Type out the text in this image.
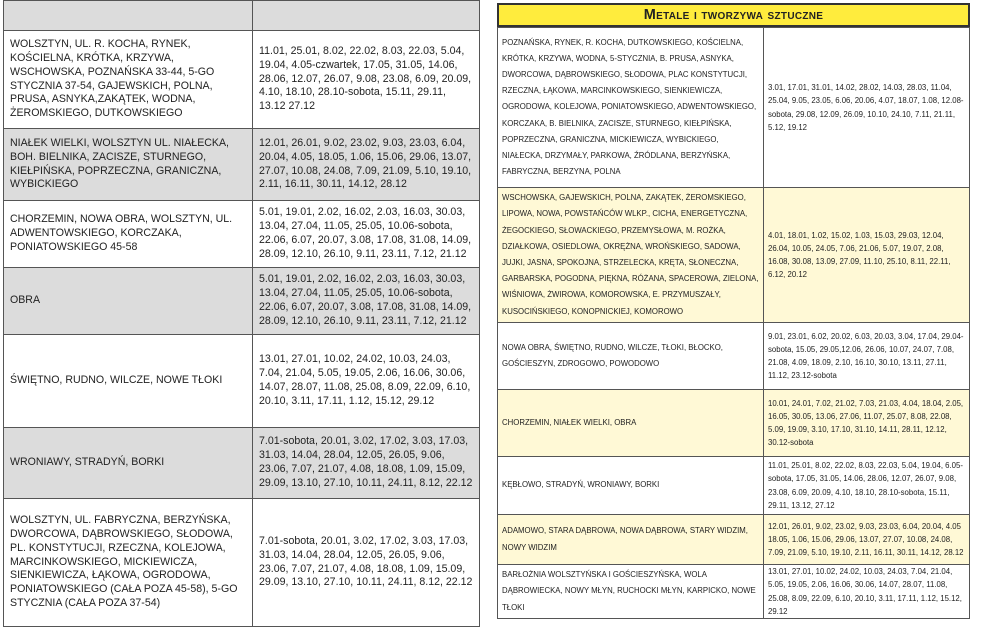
WOLSZTYN, UL. R. KOCHA, RYNEK, KOŚCIELNA, KRÓTKA, KRZYWA, WSCHOWSKA, POZNAŃSKA 33-44, 5-GO STYCZNIA 37-54, GAJEWSKICH, POLNA, PRUSA, ASNYKA,ZAKĄTEK, WODNA, ŻEROMSKIEGO, DUTKOWSKIEGO	11.01, 25.01, 8.02, 22.02, 8.03, 22.03, 5.04, 19.04, 4.05-czwartek, 17.05, 31.05, 14.06, 28.06, 12.07, 26.07, 9.08, 23.08, 6.09, 20.09, 4.10, 18.10, 28.10-sobota, 15.11, 29.11, 13.12 27.12
NIAŁEK WIELKI, WOLSZTYN UL. NIAŁECKA, BOH. BIELNIKA, ZACISZE, STURNEGO, KIEŁPIŃSKA, POPRZECZNA, GRANICZNA, WYBICKIEGO	12.01, 26.01, 9.02, 23.02, 9.03, 23.03, 6.04, 20.04, 4.05, 18.05, 1.06, 15.06, 29.06, 13.07, 27.07, 10.08, 24.08, 7.09, 21.09, 5.10, 19.10, 2.11, 16.11, 30.11, 14.12, 28.12
CHORZEMIN, NOWA OBRA, WOLSZTYN, UL. ADWENTOWSKIEGO, KORCZAKA, PONIATOWSKIEGO 45-58	5.01, 19.01, 2.02, 16.02, 2.03, 16.03, 30.03, 13.04, 27.04, 11.05, 25.05, 10.06-sobota, 22.06, 6.07, 20.07, 3.08, 17.08, 31.08, 14.09, 28.09, 12.10, 26.10, 9.11, 23.11, 7.12, 21.12
OBRA	5.01, 19.01, 2.02, 16.02, 2.03, 16.03, 30.03, 13.04, 27.04, 11.05, 25.05, 10.06-sobota, 22.06, 6.07, 20.07, 3.08, 17.08, 31.08, 14.09, 28.09, 12.10, 26.10, 9.11, 23.11, 7.12, 21.12
ŚWIĘTNO, RUDNO, WILCZE, NOWE TŁOKI	13.01, 27.01, 10.02, 24.02, 10.03, 24.03, 7.04, 21.04, 5.05, 19.05, 2.06, 16.06, 30.06, 14.07, 28.07, 11.08, 25.08, 8.09, 22.09, 6.10, 20.10, 3.11, 17.11, 1.12, 15.12, 29.12
WRONIAWY, STRADYŃ, BORKI	7.01-sobota, 20.01, 3.02, 17.02, 3.03, 17.03, 31.03, 14.04, 28.04, 12.05, 26.05, 9.06, 23.06, 7.07, 21.07, 4.08, 18.08, 1.09, 15.09, 29.09, 13.10, 27.10, 10.11, 24.11, 8.12, 22.12
WOLSZTYN, UL. FABRYCZNA, BERZYŃSKA, DWORCOWA, DĄBROWSKIEGO, SŁODOWA, PL. KONSTYTUCJI, RZECZNA, KOLEJOWA, MARCINKOWSKIEGO, MICKIEWICZA, SIENKIEWICZA, ŁĄKOWA, OGRODOWA, PONIATOWSKIEGO (CAŁA POZA 45-58), 5-GO STYCZNIA (CAŁA POZA 37-54)	7.01-sobota, 20.01, 3.02, 17.02, 3.03, 17.03, 31.03, 14.04, 28.04, 12.05, 26.05, 9.06, 23.06, 7.07, 21.07, 4.08, 18.08, 1.09, 15.09, 29.09, 13.10, 27.10, 10.11, 24.11, 8.12, 22.12
Metale i tworzywa sztuczne
POZNAŃSKA, RYNEK, R. KOCHA, DUTKOWSKIEGO, KOŚCIELNA, KRÓTKA, KRZYWA, WODNA, 5-STYCZNIA, B. PRUSA, ASNYKA, DWORCOWA, DĄBROWSKIEGO, SŁODOWA, PLAC KONSTYTUCJI, RZECZNA, ŁĄKOWA, MARCINKOWSKIEGO, SIENKIEWICZA, OGRODOWA, KOLEJOWA, PONIATOWSKIEGO, ADWENTOWSKIEGO, KORCZAKA, B. BIELNIKA, ZACISZE, STURNEGO, KIEŁPIŃSKA, POPRZECZNA, GRANICZNA, MICKIEWICZA, WYBICKIEGO, NIAŁECKA, DRZYMAŁY, PARKOWA, ŹRÓDLANA, BERZYŃSKA, FABRYCZNA, BERZYNA, POLNA	3.01, 17.01, 31.01, 14.02, 28.02, 14.03, 28.03, 11.04, 25.04, 9.05, 23.05, 6.06, 20.06, 4.07, 18.07, 1.08, 12.08-sobota, 29.08, 12.09, 26.09, 10.10, 24.10, 7.11, 21.11, 5.12, 19.12
WSCHOWSKA, GAJEWSKICH, POLNA, ZAKĄTEK, ŻEROMSKIEGO, LIPOWA, NOWA, POWSTAŃCÓW WLKP., CICHA, ENERGETYCZNA, ŻEGOCKIEGO, SŁOWACKIEGO, PRZEMYSŁOWA, M. ROŻKA, DZIAŁKOWA, OSIEDLOWA, OKRĘŻNA, WROŃSKIEGO, SADOWA, JUJKI, JASNA, SPOKOJNA, STRZELECKA, KRĘTA, SŁONECZNA, GARBARSKA, POGODNA, PIĘKNA, RÓŻANA, SPACEROWA, ZIELONA, WIŚNIOWA, ŻWIROWA, KOMOROWSKA, E. PRZYMUSZAŁY, KUSOCIŃSKIEGO, KONOPNICKIEJ, KOMOROWO	4.01, 18.01, 1.02, 15.02, 1.03, 15.03, 29.03, 12.04, 26.04, 10.05, 24.05, 7.06, 21.06, 5.07, 19.07, 2.08, 16.08, 30.08, 13.09, 27.09, 11.10, 25.10, 8.11, 22.11, 6.12, 20.12
NOWA OBRA, ŚWIĘTNO, RUDNO, WILCZE, TŁOKI, BŁOCKO, GOŚCIESZYN, ZDROGOWO, POWODOWO	9.01, 23.01, 6.02, 20.02, 6.03, 20.03, 3.04, 17.04, 29.04-sobota, 15.05, 29.05,12.06, 26.06, 10.07, 24.07, 7.08, 21.08, 4.09, 18.09, 2.10, 16.10, 30.10, 13.11, 27.11, 11.12, 23.12-sobota
CHORZEMIN, NIAŁEK WIELKI, OBRA	10.01, 24.01, 7.02, 21.02, 7.03, 21.03, 4.04, 18.04, 2.05, 16.05, 30.05, 13.06, 27.06, 11.07, 25.07, 8.08, 22.08, 5.09, 19.09, 3.10, 17.10, 31.10, 14.11, 28.11, 12.12, 30.12-sobota
KĘBŁOWO, STRADYŃ, WRONIAWY, BORKI	11.01, 25.01, 8.02, 22.02, 8.03, 22.03, 5.04, 19.04, 6.05-sobota, 17.05, 31.05, 14.06, 28.06, 12.07, 26.07, 9.08, 23.08, 6.09, 20.09, 4.10, 18.10, 28.10-sobota, 15.11, 29.11, 13.12, 27.12
ADAMOWO, STARA DĄBROWA, NOWA DĄBROWA, STARY WIDZIM, NOWY WIDZIM	12.01, 26.01, 9.02, 23.02, 9.03, 23.03, 6.04, 20.04, 4.05 18.05, 1.06, 15.06, 29.06, 13.07, 27.07, 10.08, 24.08, 7.09, 21.09, 5.10, 19.10, 2.11, 16.11, 30.11, 14.12, 28.12
BARŁOŻNIA WOLSZTYŃSKA I GOŚCIESZYŃSKA, WOLA DĄBROWIECKA, NOWY MŁYN, RUCHOCKI MŁYN, KARPICKO, NOWE TŁOKI	13.01, 27.01, 10.02, 24.02, 10.03, 24.03, 7.04, 21.04, 5.05, 19.05, 2.06, 16.06, 30.06, 14.07, 28.07, 11.08, 25.08, 8.09, 22.09, 6.10, 20.10, 3.11, 17.11, 1.12, 15.12, 29.12
